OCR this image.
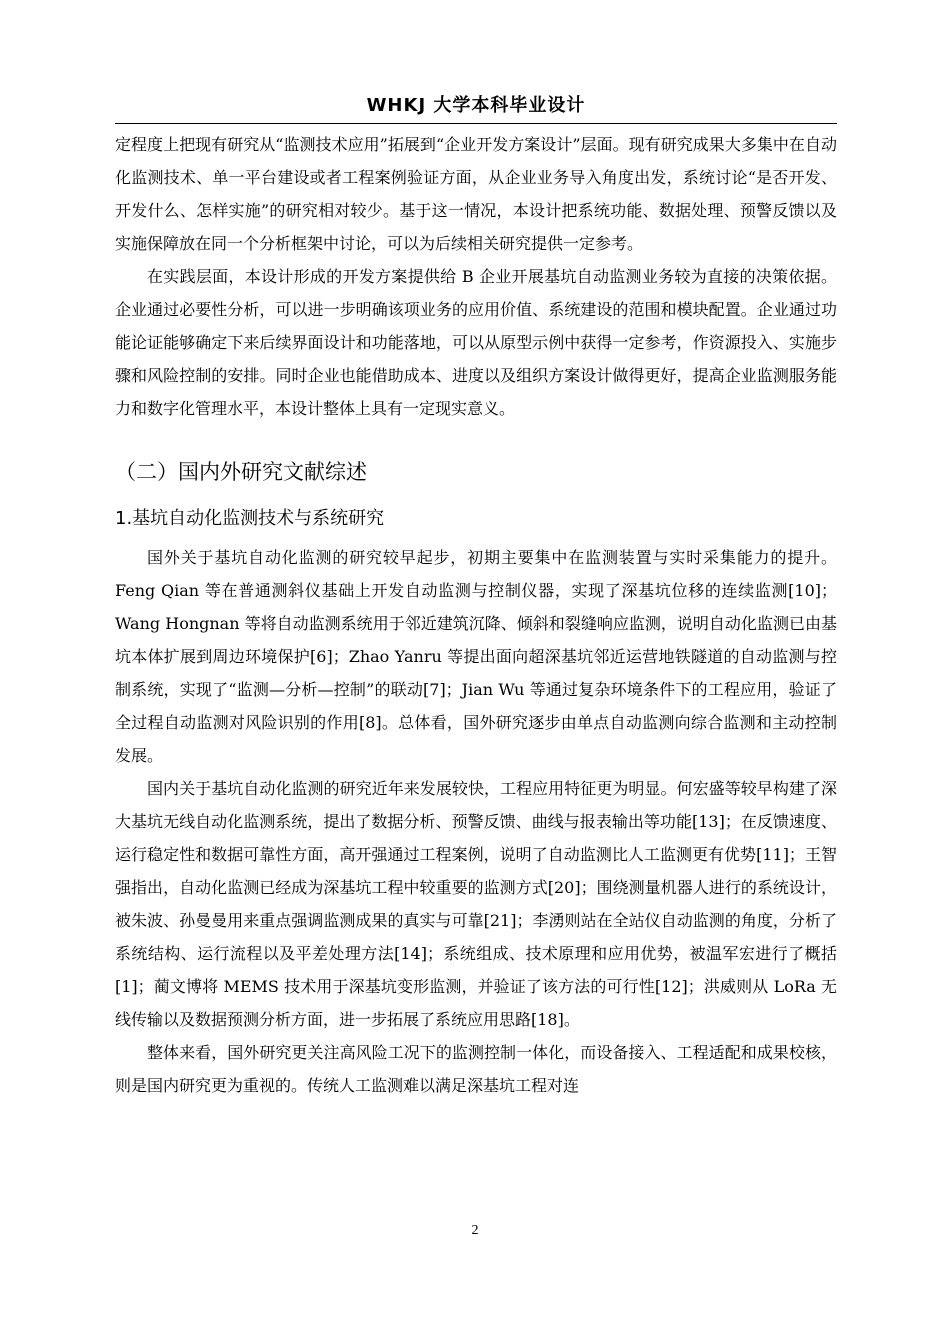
WHKJ 大学本科毕业设计

定程度上把现有研究从“监测技术应用”拓展到“企业开发方案设计”层面。现有研究成果大多集中在自动化监测技术、单一平台建设或者工程案例验证方面，从企业业务导入角度出发，系统讨论“是否开发、开发什么、怎样实施”的研究相对较少。基于这一情况，本设计把系统功能、数据处理、预警反馈以及实施保障放在同一个分析框架中讨论，可以为后续相关研究提供一定参考。

在实践层面，本设计形成的开发方案提供给 B 企业开展基坑自动监测业务较为直接的决策依据。企业通过必要性分析，可以进一步明确该项业务的应用价值、系统建设的范围和模块配置。企业通过功能论证能够确定下来后续界面设计和功能落地，可以从原型示例中获得一定参考，作资源投入、实施步骤和风险控制的安排。同时企业也能借助成本、进度以及组织方案设计做得更好，提高企业监测服务能力和数字化管理水平，本设计整体上具有一定现实意义。

（二）国内外研究文献综述
1.基坑自动化监测技术与系统研究

国外关于基坑自动化监测的研究较早起步，初期主要集中在监测装置与实时采集能力的提升。Feng Qian 等在普通测斜仪基础上开发自动监测与控制仪器，实现了深基坑位移的连续监测[10]；Wang Hongnan 等将自动监测系统用于邻近建筑沉降、倾斜和裂缝响应监测，说明自动化监测已由基坑本体扩展到周边环境保护[6]；Zhao Yanru 等提出面向超深基坑邻近运营地铁隧道的自动监测与控制系统，实现了“监测—分析—控制”的联动[7]；Jian Wu 等通过复杂环境条件下的工程应用，验证了全过程自动监测对风险识别的作用[8]。总体看，国外研究逐步由单点自动监测向综合监测和主动控制发展。

国内关于基坑自动化监测的研究近年来发展较快，工程应用特征更为明显。何宏盛等较早构建了深大基坑无线自动化监测系统，提出了数据分析、预警反馈、曲线与报表输出等功能[13]；在反馈速度、运行稳定性和数据可靠性方面，高开强通过工程案例，说明了自动监测比人工监测更有优势[11]；王智强指出，自动化监测已经成为深基坑工程中较重要的监测方式[20]；围绕测量机器人进行的系统设计，被朱波、孙曼曼用来重点强调监测成果的真实与可靠[21]；李湧则站在全站仪自动监测的角度，分析了系统结构、运行流程以及平差处理方法[14]；系统组成、技术原理和应用优势，被温军宏进行了概括[1]；蔺文博将 MEMS 技术用于深基坑变形监测，并验证了该方法的可行性[12]；洪威则从 LoRa 无线传输以及数据预测分析方面，进一步拓展了系统应用思路[18]。

整体来看，国外研究更关注高风险工况下的监测控制一体化，而设备接入、工程适配和成果校核，则是国内研究更为重视的。传统人工监测难以满足深基坑工程对连

2
